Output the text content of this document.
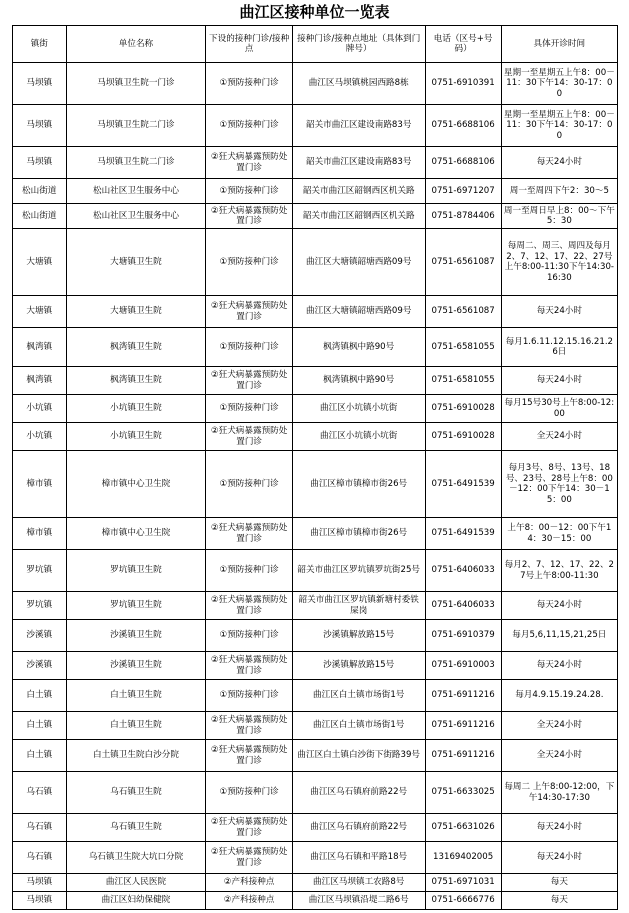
曲江区接种单位一览表
镇街	单位名称	下设的接种门诊/接种点	接种门诊/接种点地址（具体到门牌号）	电话（区号+号码）	具体开诊时间
马坝镇	马坝镇卫生院一门诊	①预防接种门诊	曲江区马坝镇桃园西路8栋	0751-6910391	星期一至星期五上午8：00－11：30下午14：30-17：00
马坝镇	马坝镇卫生院二门诊	①预防接种门诊	韶关市曲江区建设南路83号	0751-6688106	星期一至星期五上午8：00－11：30下午14：30-17：00
马坝镇	马坝镇卫生院二门诊	②狂犬病暴露预防处置门诊	韶关市曲江区建设南路83号	0751-6688106	每天24小时
松山街道	松山社区卫生服务中心	①预防接种门诊	韶关市曲江区韶钢西区机关路	0751-6971207	周一至周四下午2：30～5
松山街道	松山社区卫生服务中心	②狂犬病暴露预防处置门诊	韶关市曲江区韶钢西区机关路	0751-8784406	周一至周日早上8：00～下午5：30
大塘镇	大塘镇卫生院	①预防接种门诊	曲江区大塘镇韶塘西路09号	0751-6561087	每周二、周三、周四及每月2、7、12、17、22、27号上午8:00-11:30下午14:30-16:30
大塘镇	大塘镇卫生院	②狂犬病暴露预防处置门诊	曲江区大塘镇韶塘西路09号	0751-6561087	每天24小时
枫湾镇	枫湾镇卫生院	①预防接种门诊	枫湾镇枫中路90号	0751-6581055	每月1.6.11.12.15.16.21.26日
枫湾镇	枫湾镇卫生院	②狂犬病暴露预防处置门诊	枫湾镇枫中路90号	0751-6581055	每天24小时
小坑镇	小坑镇卫生院	①预防接种门诊	曲江区小坑镇小坑街	0751-6910028	每月15号30号上午8:00-12:00
小坑镇	小坑镇卫生院	②狂犬病暴露预防处置门诊	曲江区小坑镇小坑街	0751-6910028	全天24小时
樟市镇	樟市镇中心卫生院	①预防接种门诊	曲江区樟市镇樟市街26号	0751-6491539	每月3号、8号、13号、18号、23号、28号上午8：00－12：00下午14：30－15：00
樟市镇	樟市镇中心卫生院	②狂犬病暴露预防处置门诊	曲江区樟市镇樟市街26号	0751-6491539	上午8：00－12：00下午14：30－15：00
罗坑镇	罗坑镇卫生院	①预防接种门诊	韶关市曲江区罗坑镇罗坑街25号	0751-6406033	每月2、7、12、17、22、27号上午8:00-11:30
罗坑镇	罗坑镇卫生院	②狂犬病暴露预防处置门诊	韶关市曲江区罗坑镇新塘村委铁屎岗	0751-6406033	每天24小时
沙溪镇	沙溪镇卫生院	①预防接种门诊	沙溪镇解放路15号	0751-6910379	每月5,6,11,15,21,25日
沙溪镇	沙溪镇卫生院	②狂犬病暴露预防处置门诊	沙溪镇解放路15号	0751-6910003	每天24小时
白土镇	白土镇卫生院	①预防接种门诊	曲江区白土镇市场街1号	0751-6911216	每月4.9.15.19.24.28.
白土镇	白土镇卫生院	②狂犬病暴露预防处置门诊	曲江区白土镇市场街1号	0751-6911216	全天24小时
白土镇	白土镇卫生院白沙分院	②狂犬病暴露预防处置门诊	曲江区白土镇白沙街下街路39号	0751-6911216	全天24小时
乌石镇	乌石镇卫生院	①预防接种门诊	曲江区乌石镇府前路22号	0751-6633025	每周二 上午8:00-12:00，下午14:30-17:30
乌石镇	乌石镇卫生院	②狂犬病暴露预防处置门诊	曲江区乌石镇府前路22号	0751-6631026	每天24小时
乌石镇	乌石镇卫生院大坑口分院	②狂犬病暴露预防处置门诊	曲江区乌石镇和平路18号	13169402005	每天24小时
马坝镇	曲江区人民医院	②产科接种点	曲江区马坝镇工农路8号	0751-6971031	每天
马坝镇	曲江区妇幼保健院	②产科接种点	曲江区马坝镇沿堤二路6号	0751-6666776	每天
